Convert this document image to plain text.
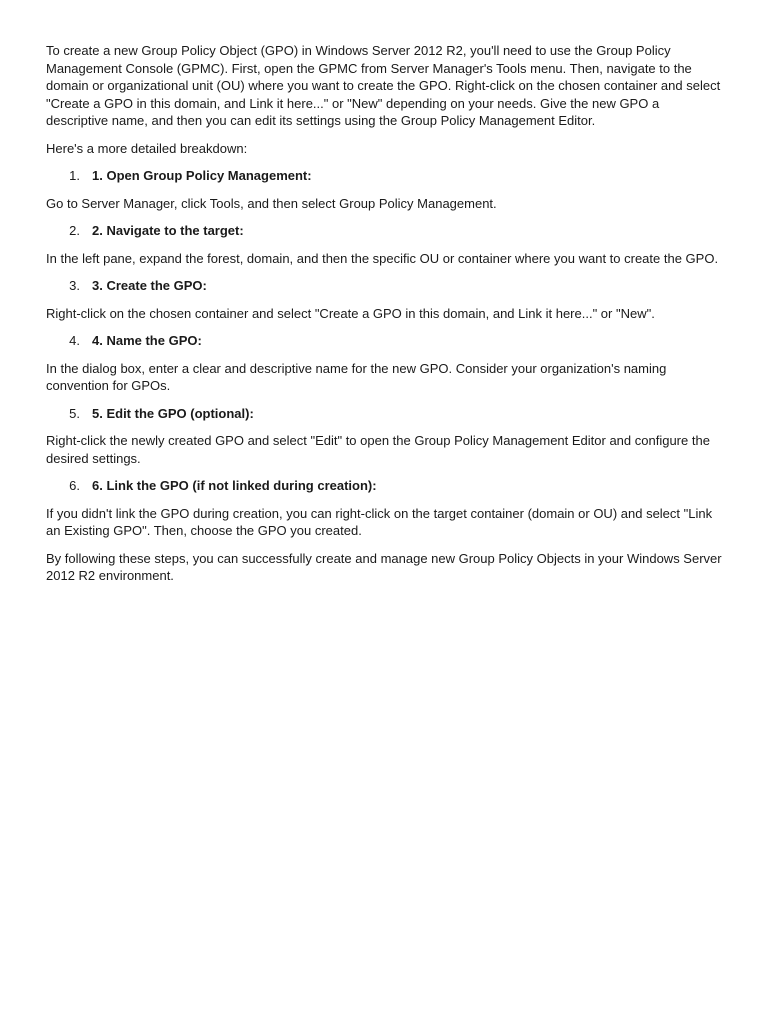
To create a new Group Policy Object (GPO) in Windows Server 2012 R2, you'll need to use the Group Policy Management Console (GPMC). First, open the GPMC from Server Manager's Tools menu. Then, navigate to the domain or organizational unit (OU) where you want to create the GPO. Right-click on the chosen container and select "Create a GPO in this domain, and Link it here..." or "New" depending on your needs. Give the new GPO a descriptive name, and then you can edit its settings using the Group Policy Management Editor.

Here's a more detailed breakdown:

1. 1. Open Group Policy Management:

Go to Server Manager, click Tools, and then select Group Policy Management.

2. 2. Navigate to the target:

In the left pane, expand the forest, domain, and then the specific OU or container where you want to create the GPO.

3. 3. Create the GPO:

Right-click on the chosen container and select "Create a GPO in this domain, and Link it here..." or "New".

4. 4. Name the GPO:

In the dialog box, enter a clear and descriptive name for the new GPO. Consider your organization's naming convention for GPOs.

5. 5. Edit the GPO (optional):

Right-click the newly created GPO and select "Edit" to open the Group Policy Management Editor and configure the desired settings.

6. 6. Link the GPO (if not linked during creation):

If you didn't link the GPO during creation, you can right-click on the target container (domain or OU) and select "Link an Existing GPO". Then, choose the GPO you created.

By following these steps, you can successfully create and manage new Group Policy Objects in your Windows Server 2012 R2 environment.
